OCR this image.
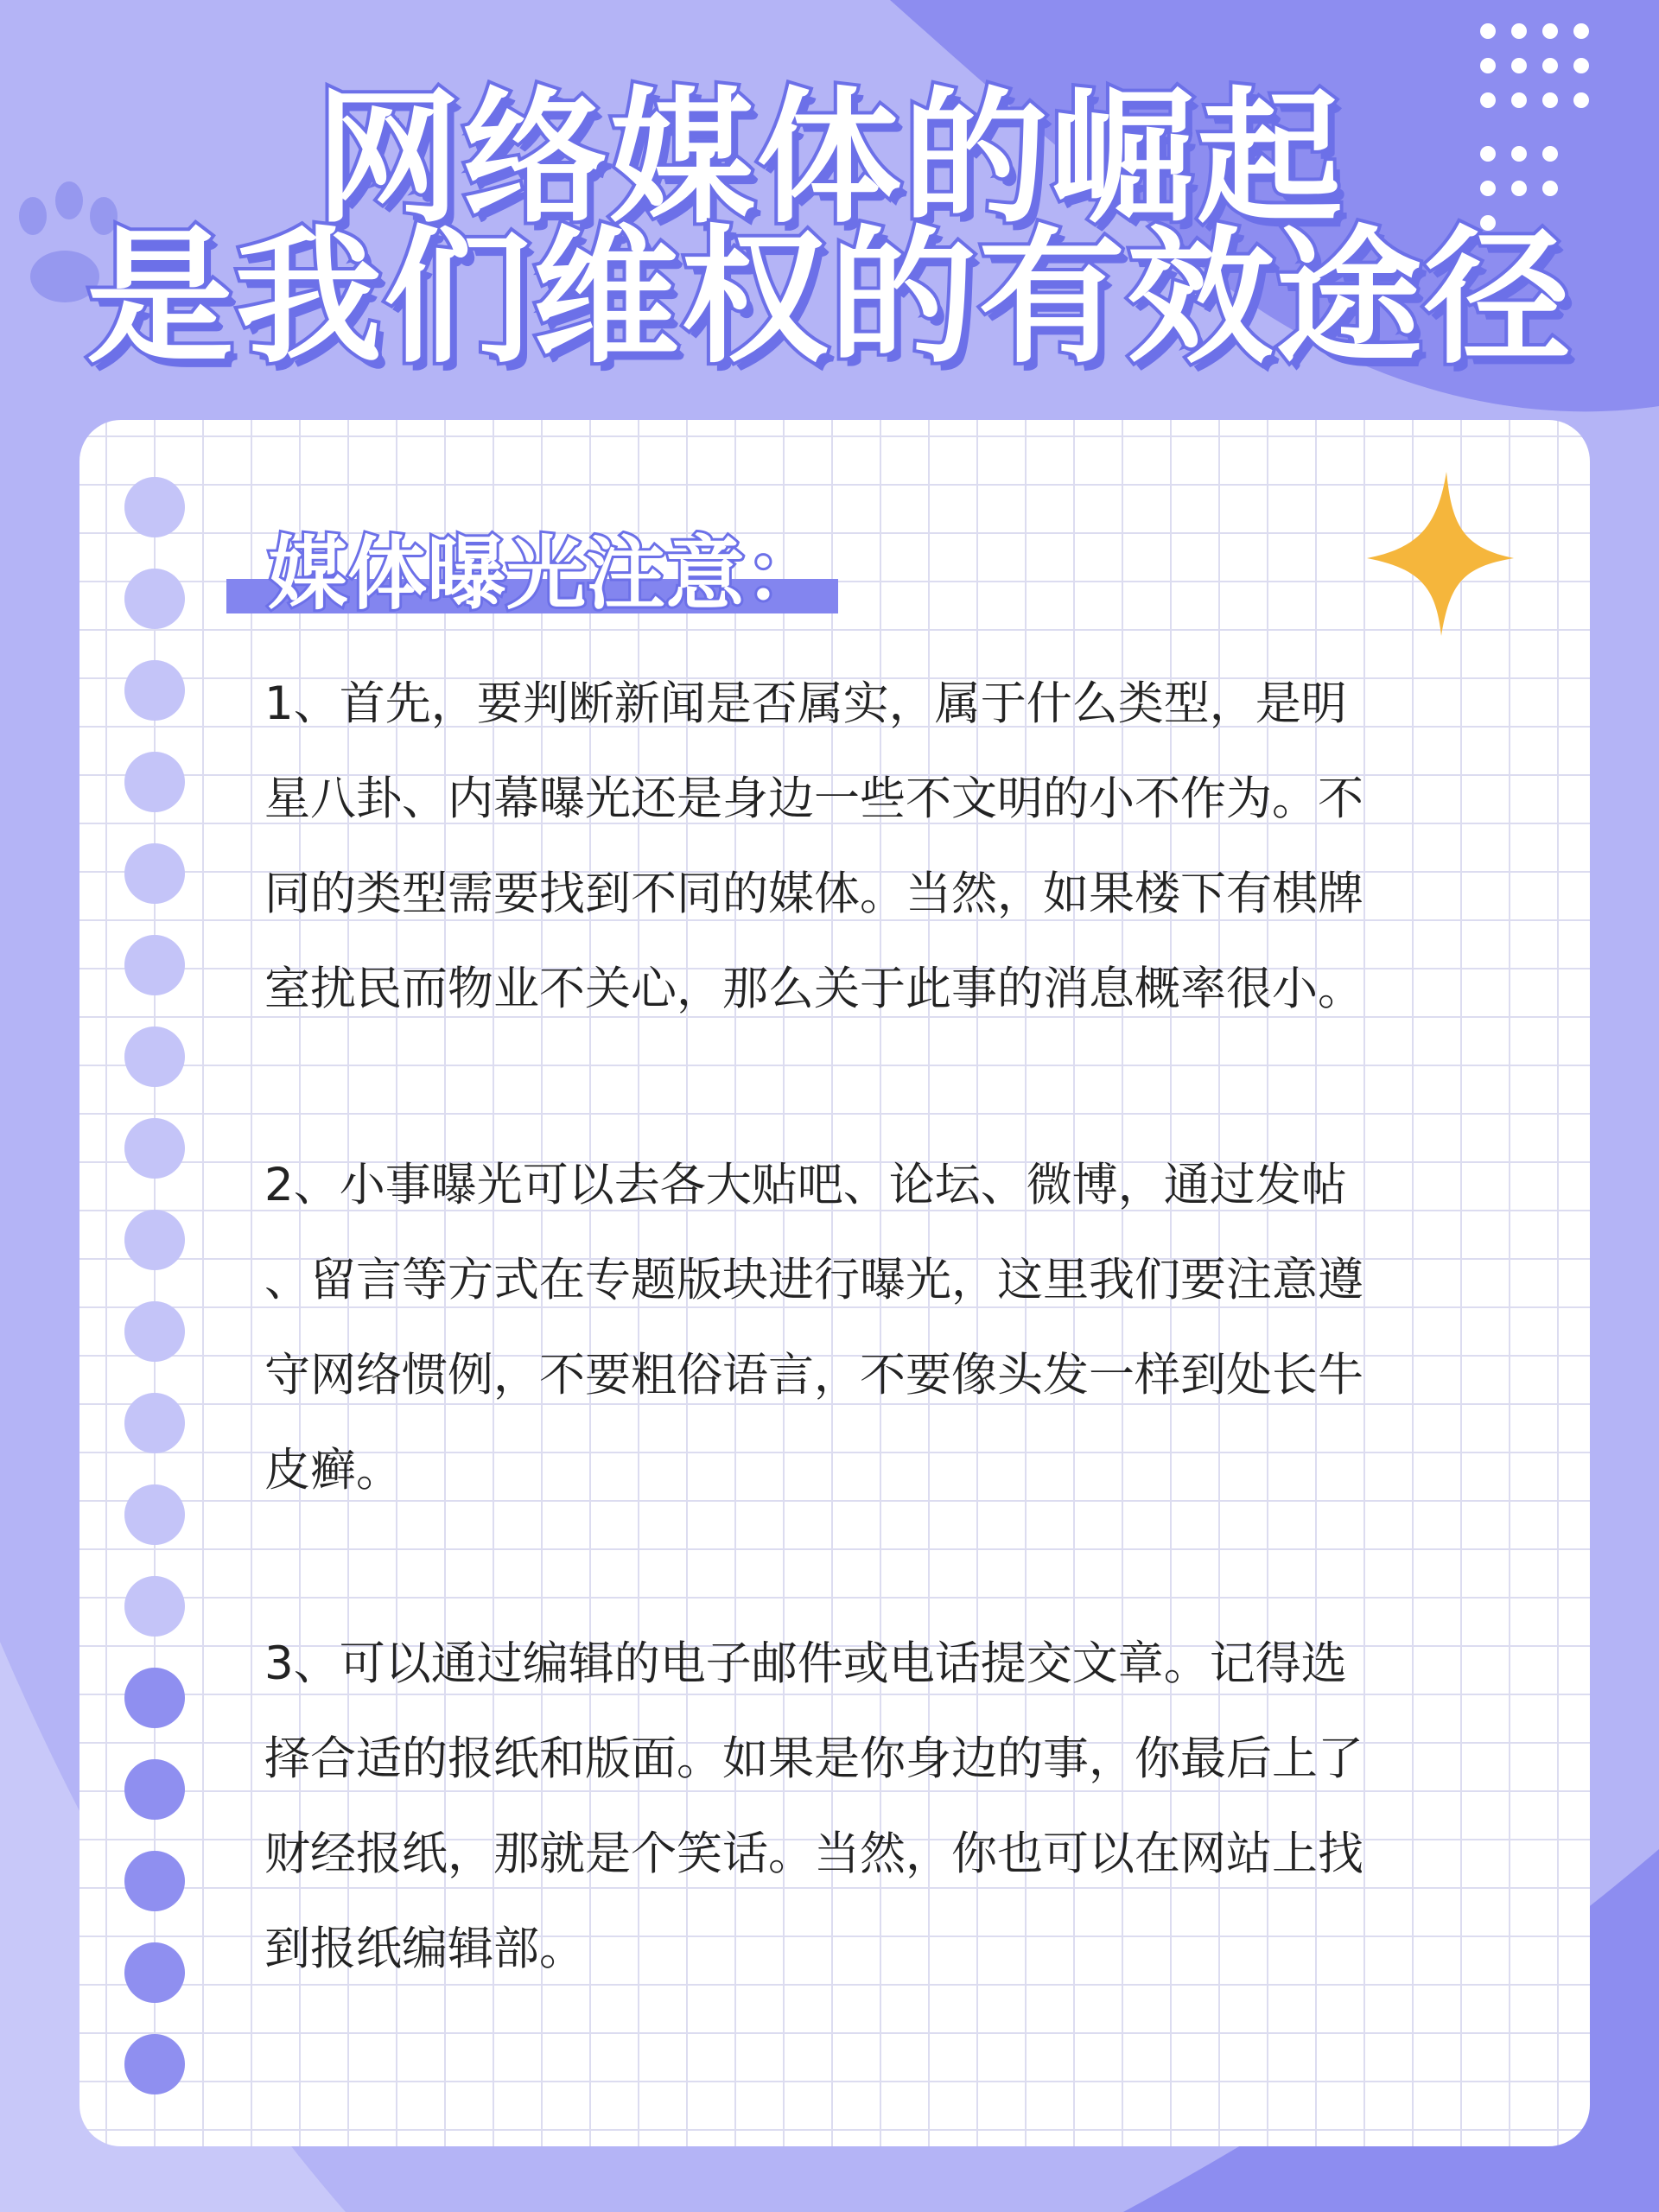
网络媒体的崛起
是我们维权的有效途径
媒体曝光注意：
1、首先，要判断新闻是否属实，属于什么类型，是明
星八卦、内幕曝光还是身边一些不文明的小不作为。不
同的类型需要找到不同的媒体。当然，如果楼下有棋牌
室扰民而物业不关心，那么关于此事的消息概率很小。
2、小事曝光可以去各大贴吧、论坛、微博，通过发帖
、留言等方式在专题版块进行曝光，这里我们要注意遵
守网络惯例，不要粗俗语言，不要像头发一样到处长牛
皮癣。
3、可以通过编辑的电子邮件或电话提交文章。记得选
择合适的报纸和版面。如果是你身边的事，你最后上了
财经报纸，那就是个笑话。当然，你也可以在网站上找
到报纸编辑部。
